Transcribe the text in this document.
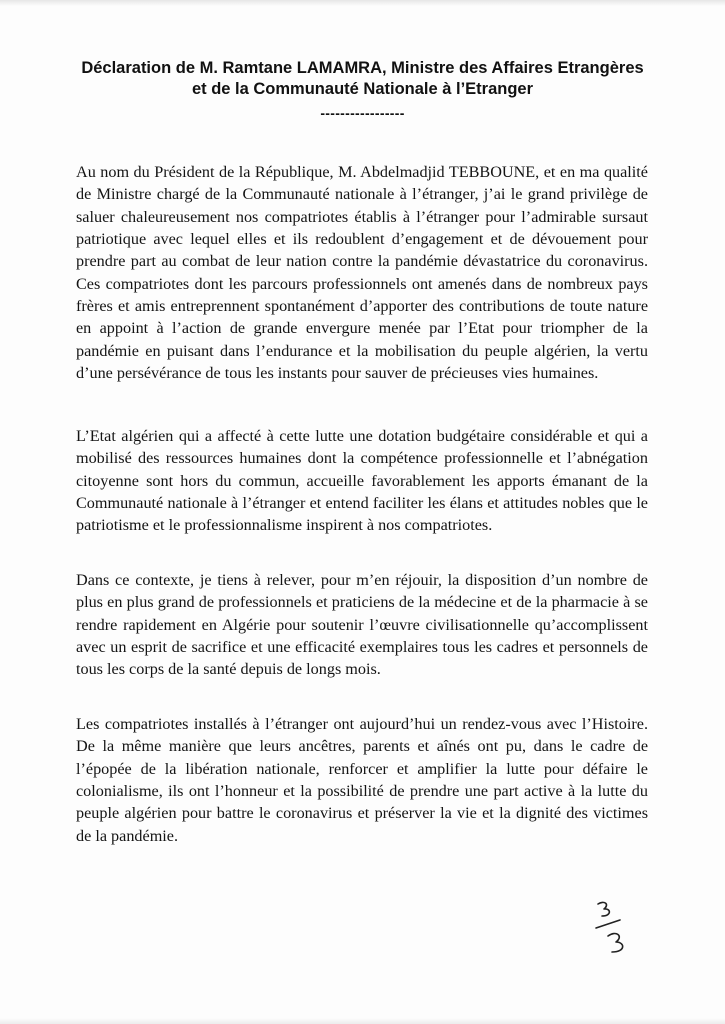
Déclaration de M. Ramtane LAMAMRA, Ministre des Affaires Etrangères
et de la Communauté Nationale à l’Etranger
-----------------

Au nom du Président de la République, M. Abdelmadjid TEBBOUNE, et en ma qualité de Ministre chargé de la Communauté nationale à l’étranger, j’ai le grand privilège de saluer chaleureusement nos compatriotes établis à l’étranger pour l’admirable sursaut patriotique avec lequel elles et ils redoublent d’engagement et de dévouement pour prendre part au combat de leur nation contre la pandémie dévastatrice du coronavirus. Ces compatriotes dont les parcours professionnels ont amenés dans de nombreux pays frères et amis entreprennent spontanément d’apporter des contributions de toute nature en appoint à l’action de grande envergure menée par l’Etat pour triompher de la pandémie en puisant dans l’endurance et la mobilisation du peuple algérien, la vertu d’une persévérance de tous les instants pour sauver de précieuses vies humaines.

L’Etat algérien qui a affecté à cette lutte une dotation budgétaire considérable et qui a mobilisé des ressources humaines dont la compétence professionnelle et l’abnégation citoyenne sont hors du commun, accueille favorablement les apports émanant de la Communauté nationale à l’étranger et entend faciliter les élans et attitudes nobles que le patriotisme et le professionnalisme inspirent à nos compatriotes.

Dans ce contexte, je tiens à relever, pour m’en réjouir, la disposition d’un nombre de plus en plus grand de professionnels et praticiens de la médecine et de la pharmacie à se rendre rapidement en Algérie pour soutenir l’œuvre civilisationnelle qu’accomplissent avec un esprit de sacrifice et une efficacité exemplaires tous les cadres et personnels de tous les corps de la santé depuis de longs mois.

Les compatriotes installés à l’étranger ont aujourd’hui un rendez-vous avec l’Histoire. De la même manière que leurs ancêtres, parents et aînés ont pu, dans le cadre de l’épopée de la libération nationale, renforcer et amplifier la lutte pour défaire le colonialisme, ils ont l’honneur et la possibilité de prendre une part active à la lutte du peuple algérien pour battre le coronavirus et préserver la vie et la dignité des victimes de la pandémie.
